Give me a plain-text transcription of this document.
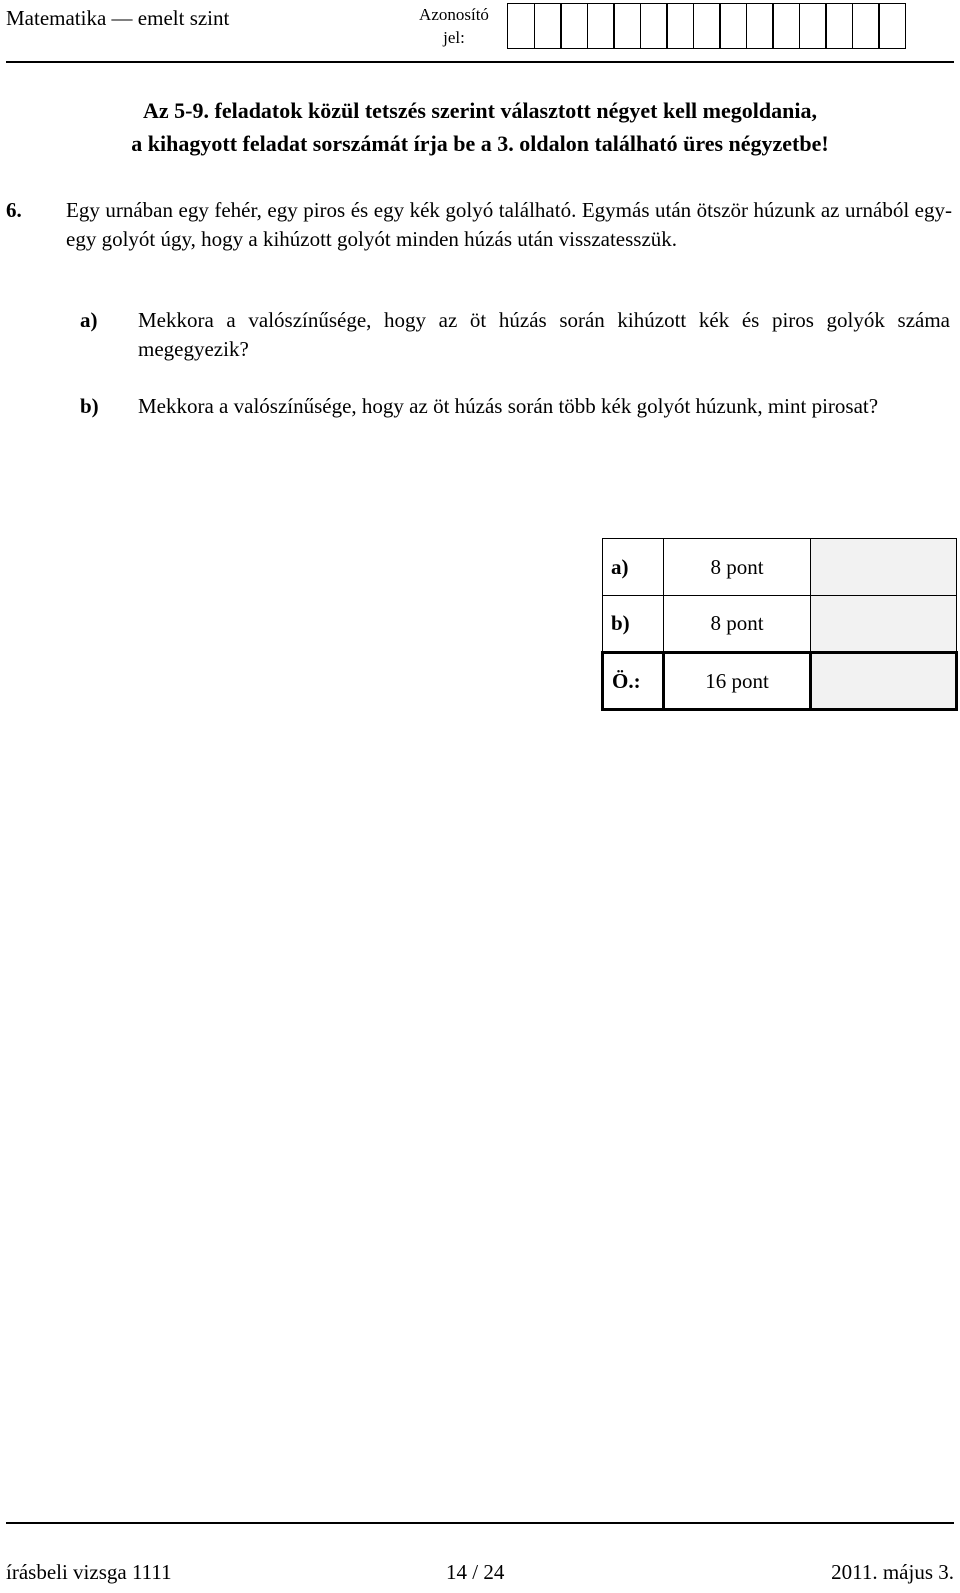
Matematika — emelt szint	Azonosító
jel:
Az 5-9. feladatok közül tetszés szerint választott négyet kell megoldania,
a kihagyott feladat sorszámát írja be a 3. oldalon található üres négyzetbe!
6. Egy urnában egy fehér, egy piros és egy kék golyó található. Egymás után ötször húzunk az urnából egy-egy golyót úgy, hogy a kihúzott golyót minden húzás után visszatesszük.
a) Mekkora a valószínűsége, hogy az öt húzás során kihúzott kék és piros golyók száma megegyezik?
b) Mekkora a valószínűsége, hogy az öt húzás során több kék golyót húzunk, mint pirosat?
a)	8 pont	
b)	8 pont	
Ö.:	16 pont	
írásbeli vizsga 1111	14 / 24	2011. május 3.
